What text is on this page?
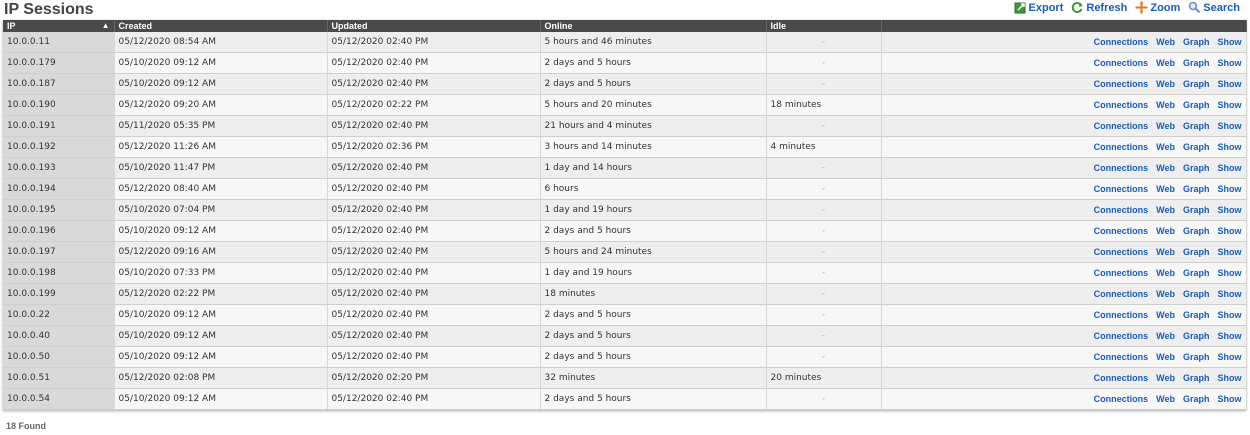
IP Sessions	Export Refresh Zoom Search
IP ▲	Created	Updated	Online	Idle	
10.0.0.11	05/12/2020 08:54 AM	05/12/2020 02:40 PM	5 hours and 46 minutes	-	Connections Web Graph Show
10.0.0.179	05/10/2020 09:12 AM	05/12/2020 02:40 PM	2 days and 5 hours	-	Connections Web Graph Show
10.0.0.187	05/10/2020 09:12 AM	05/12/2020 02:40 PM	2 days and 5 hours	-	Connections Web Graph Show
10.0.0.190	05/12/2020 09:20 AM	05/12/2020 02:22 PM	5 hours and 20 minutes	18 minutes	Connections Web Graph Show
10.0.0.191	05/11/2020 05:35 PM	05/12/2020 02:40 PM	21 hours and 4 minutes	-	Connections Web Graph Show
10.0.0.192	05/12/2020 11:26 AM	05/12/2020 02:36 PM	3 hours and 14 minutes	4 minutes	Connections Web Graph Show
10.0.0.193	05/10/2020 11:47 PM	05/12/2020 02:40 PM	1 day and 14 hours	-	Connections Web Graph Show
10.0.0.194	05/12/2020 08:40 AM	05/12/2020 02:40 PM	6 hours	-	Connections Web Graph Show
10.0.0.195	05/10/2020 07:04 PM	05/12/2020 02:40 PM	1 day and 19 hours	-	Connections Web Graph Show
10.0.0.196	05/10/2020 09:12 AM	05/12/2020 02:40 PM	2 days and 5 hours	-	Connections Web Graph Show
10.0.0.197	05/12/2020 09:16 AM	05/12/2020 02:40 PM	5 hours and 24 minutes	-	Connections Web Graph Show
10.0.0.198	05/10/2020 07:33 PM	05/12/2020 02:40 PM	1 day and 19 hours	-	Connections Web Graph Show
10.0.0.199	05/12/2020 02:22 PM	05/12/2020 02:40 PM	18 minutes	-	Connections Web Graph Show
10.0.0.22	05/10/2020 09:12 AM	05/12/2020 02:40 PM	2 days and 5 hours	-	Connections Web Graph Show
10.0.0.40	05/10/2020 09:12 AM	05/12/2020 02:40 PM	2 days and 5 hours	-	Connections Web Graph Show
10.0.0.50	05/10/2020 09:12 AM	05/12/2020 02:40 PM	2 days and 5 hours	-	Connections Web Graph Show
10.0.0.51	05/12/2020 02:08 PM	05/12/2020 02:20 PM	32 minutes	20 minutes	Connections Web Graph Show
10.0.0.54	05/10/2020 09:12 AM	05/12/2020 02:40 PM	2 days and 5 hours	-	Connections Web Graph Show
18 Found
